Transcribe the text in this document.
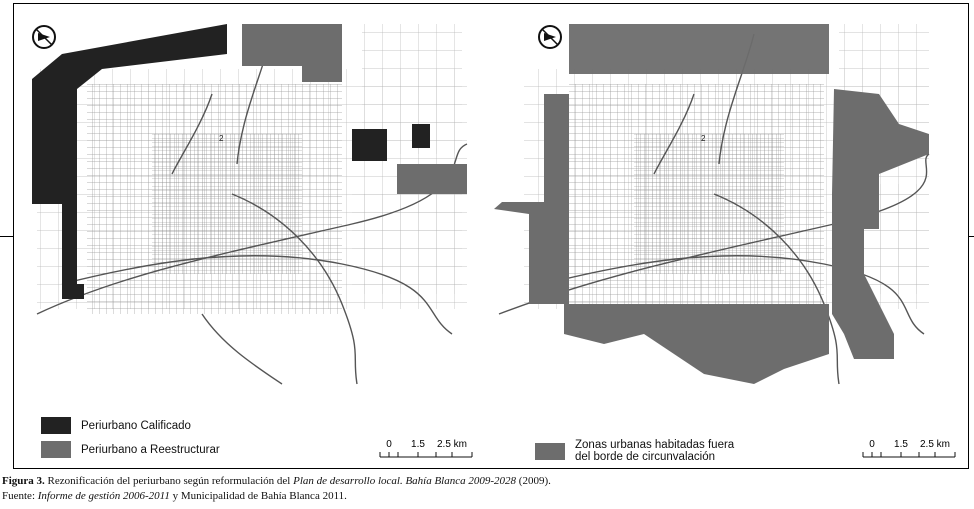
2	2
Periurbano Calificado
Periurbano a Reestructurar	0 1.5 2.5 km	Zonas urbanas habitadas fuera
del borde de circunvalación
0 1.5 2.5 km
Figura 3. Rezonificación del periurbano según reformulación del Plan de desarrollo local. Bahía Blanca 2009-2028 (2009).
Fuente: Informe de gestión 2006-2011 y Municipalidad de Bahía Blanca 2011.
